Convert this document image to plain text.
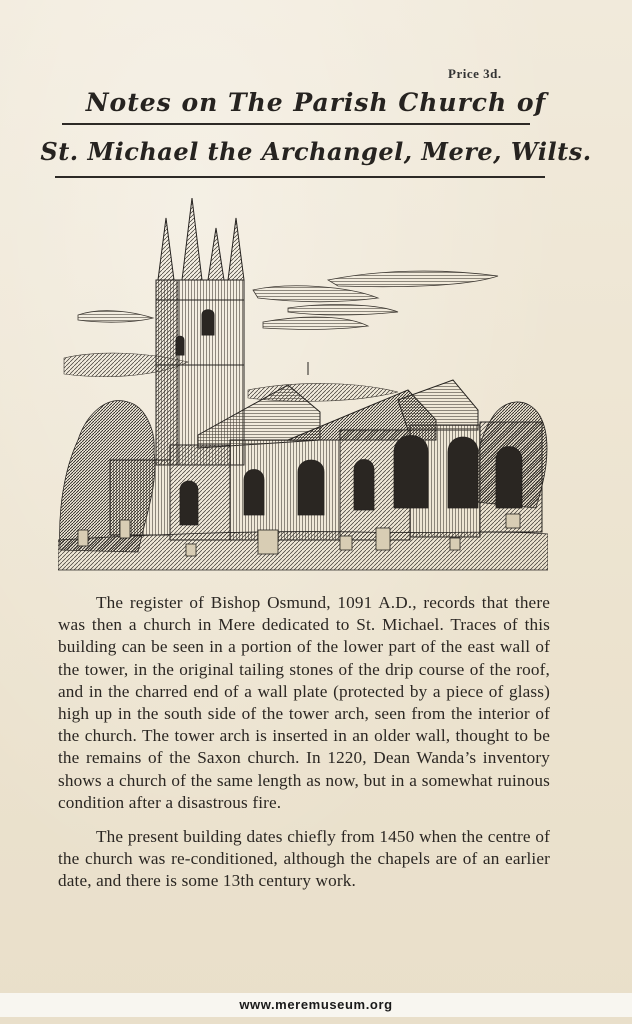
Price 3d.
Notes on The Parish Church of
St. Michael the Archangel, Mere, Wilts.

The register of Bishop Osmund, 1091 A.D., records that there was then a church in Mere dedicated to St. Michael. Traces of this building can be seen in a portion of the lower part of the east wall of the tower, in the original tailing stones of the drip course of the roof, and in the charred end of a wall plate (protected by a piece of glass) high up in the south side of the tower arch, seen from the interior of the church. The tower arch is inserted in an older wall, thought to be the remains of the Saxon church. In 1220, Dean Wanda’s inventory shows a church of the same length as now, but in a somewhat ruinous condition after a disastrous fire.

The present building dates chiefly from 1450 when the centre of the church was re-conditioned, although the chapels are of an earlier date, and there is some 13th century work.

www.meremuseum.org
